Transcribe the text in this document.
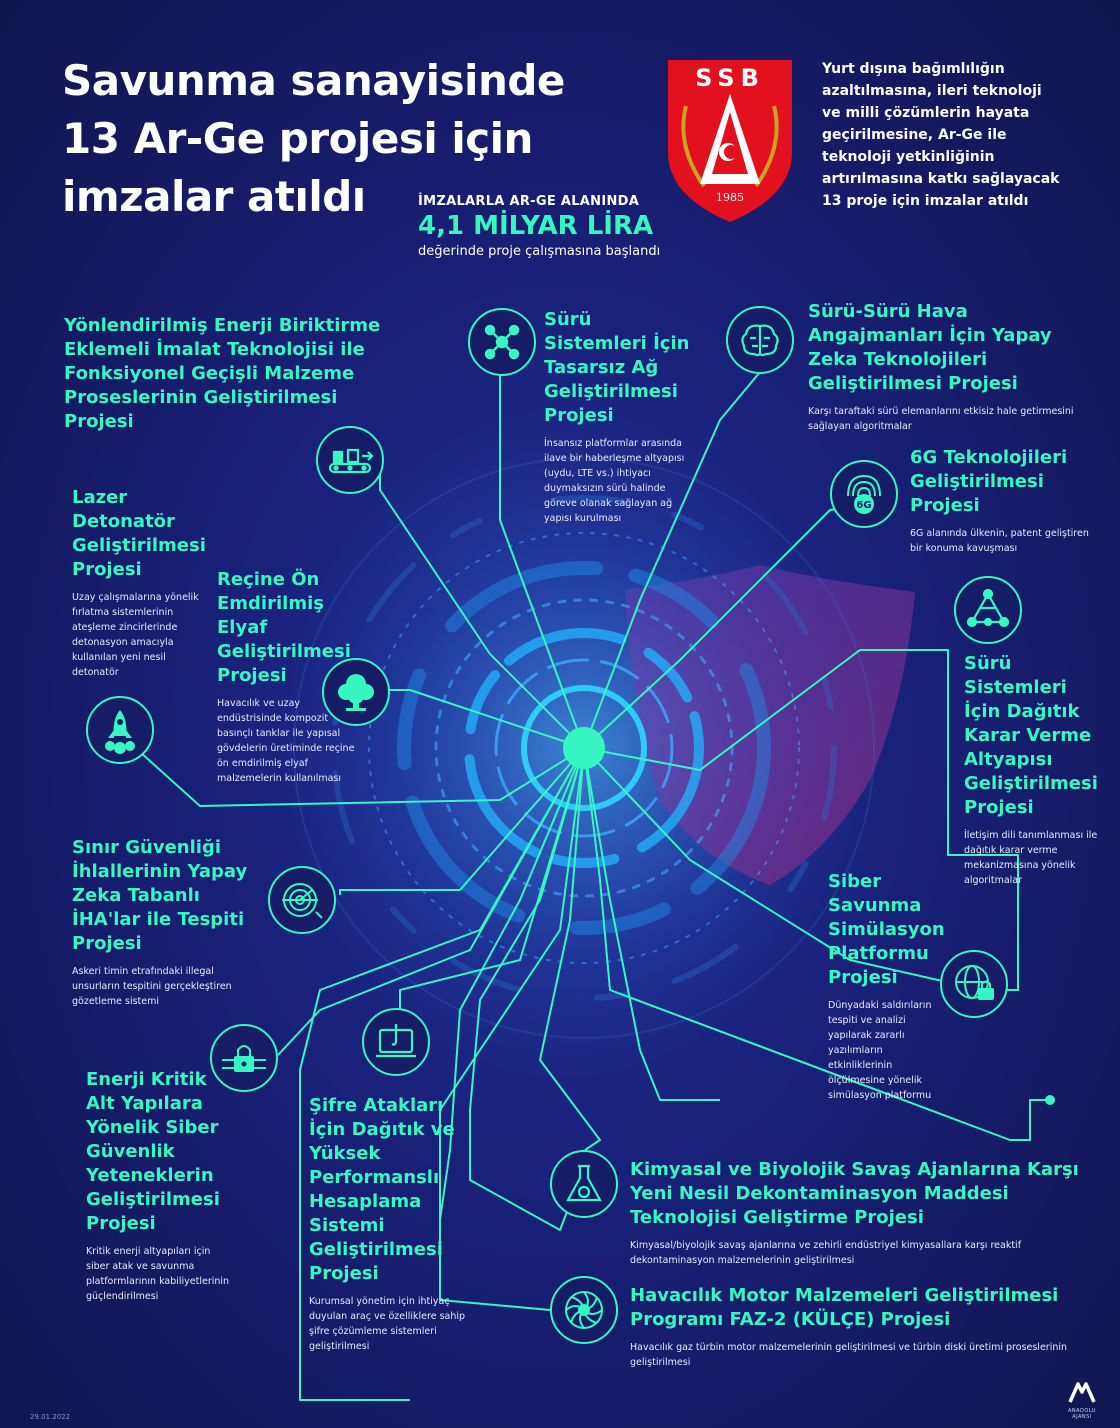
Savunma sanayisinde 13 Ar-Ge projesi için imzalar atıldı	İMZALARLA AR-GE ALANINDA
4,1 MİLYAR LİRA
değerinde proje çalışmasına başlandı
SSB
1985
Yurt dışına bağımlılığın azaltılmasına, ileri teknoloji ve milli çözümlerin hayata geçirilmesine, Ar-Ge ile teknoloji yetkinliğinin artırılmasına katkı sağlayacak 13 proje için imzalar atıldı
6G
Yönlendirilmiş Enerji Biriktirme Eklemeli İmalat Teknolojisi ile Fonksiyonel Geçişli Malzeme Proseslerinin Geliştirilmesi Projesi
Sürü Sistemleri İçin Tasarsız Ağ Geliştirilmesi Projesi

İnsansız platformlar arasında ilave bir haberleşme altyapısı (uydu, LTE vs.) ihtiyacı duymaksızın sürü halinde göreve olanak sağlayan ağ yapısı kurulması

Sürü-Sürü Hava Angajmanları İçin Yapay Zeka Teknolojileri Geliştirilmesi Projesi

Karşı taraftaki sürü elemanlarını etkisiz hale getirmesini sağlayan algoritmalar

6G Teknolojileri Geliştirilmesi Projesi

6G alanında ülkenin, patent geliştiren bir konuma kavuşması

Lazer Detonatör Geliştirilmesi Projesi

Uzay çalışmalarına yönelik fırlatma sistemlerinin ateşleme zincirlerinde detonasyon amacıyla kullanılan yeni nesil detonatör

Reçine Ön Emdirilmiş Elyaf Geliştirilmesi Projesi

Havacılık ve uzay endüstrisinde kompozit basınçlı tanklar ile yapısal gövdelerin üretiminde reçine ön emdirilmiş elyaf malzemelerin kullanılması

Sürü Sistemleri İçin Dağıtık Karar Verme Altyapısı Geliştirilmesi Projesi

İletişim dili tanımlanması ile dağıtık karar verme mekanizmasına yönelik algoritmalar

Sınır Güvenliği İhlallerinin Yapay Zeka Tabanlı İHA'lar ile Tespiti Projesi

Askeri timin etrafındaki illegal unsurların tespitini gerçekleştiren gözetleme sistemi

Siber Savunma Simülasyon Platformu Projesi

Dünyadaki saldırıların tespiti ve analizi yapılarak zararlı yazılımların etkinliklerinin ölçülmesine yönelik simülasyon platformu

Enerji Kritik Alt Yapılara Yönelik Siber Güvenlik Yeteneklerin Geliştirilmesi Projesi

Kritik enerji altyapıları için siber atak ve savunma platformlarının kabiliyetlerinin güçlendirilmesi

Şifre Atakları İçin Dağıtık ve Yüksek Performanslı Hesaplama Sistemi Geliştirilmesi Projesi

Kurumsal yönetim için ihtiyaç duyulan araç ve özelliklere sahip şifre çözümleme sistemleri geliştirilmesi

Kimyasal ve Biyolojik Savaş Ajanlarına Karşı Yeni Nesil Dekontaminasyon Maddesi Teknolojisi Geliştirme Projesi

Kimyasal/biyolojik savaş ajanlarına ve zehirli endüstriyel kimyasallara karşı reaktif dekontaminasyon malzemelerinin geliştirilmesi

Havacılık Motor Malzemeleri Geliştirilmesi Programı FAZ-2 (KÜLÇE) Projesi

Havacılık gaz türbin motor malzemelerinin geliştirilmesi ve türbin diski üretimi proseslerinin geliştirilmesi

29.01.2022
ANADOLU AJANSI
